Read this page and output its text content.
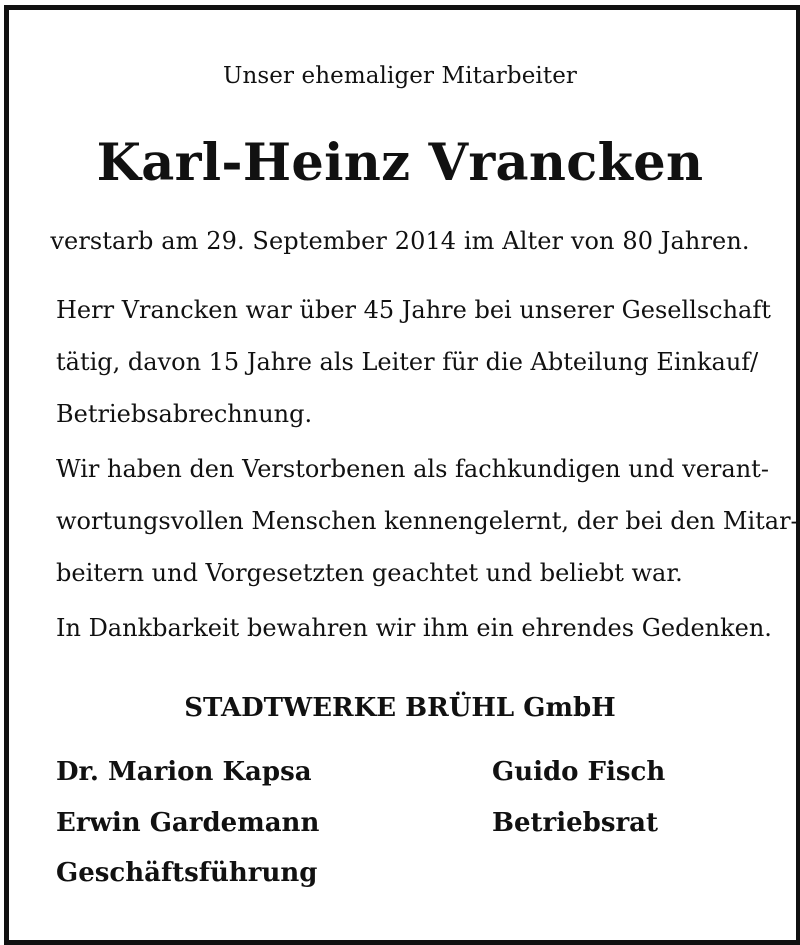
Unser ehemaliger Mitarbeiter
Karl-Heinz Vrancken
verstarb am 29. September 2014 im Alter von 80 Jahren.
Herr Vrancken war über 45 Jahre bei unserer Gesellschaft
tätig, davon 15 Jahre als Leiter für die Abteilung Einkauf/
Betriebsabrechnung.
Wir haben den Verstorbenen als fachkundigen und verant-
wortungsvollen Menschen kennengelernt, der bei den Mitar-
beitern und Vorgesetzten geachtet und beliebt war.
In Dankbarkeit bewahren wir ihm ein ehrendes Gedenken.
STADTWERKE BRÜHL GmbH
Dr. Marion Kapsa
Erwin Gardemann
Geschäftsführung
Guido Fisch
Betriebsrat
